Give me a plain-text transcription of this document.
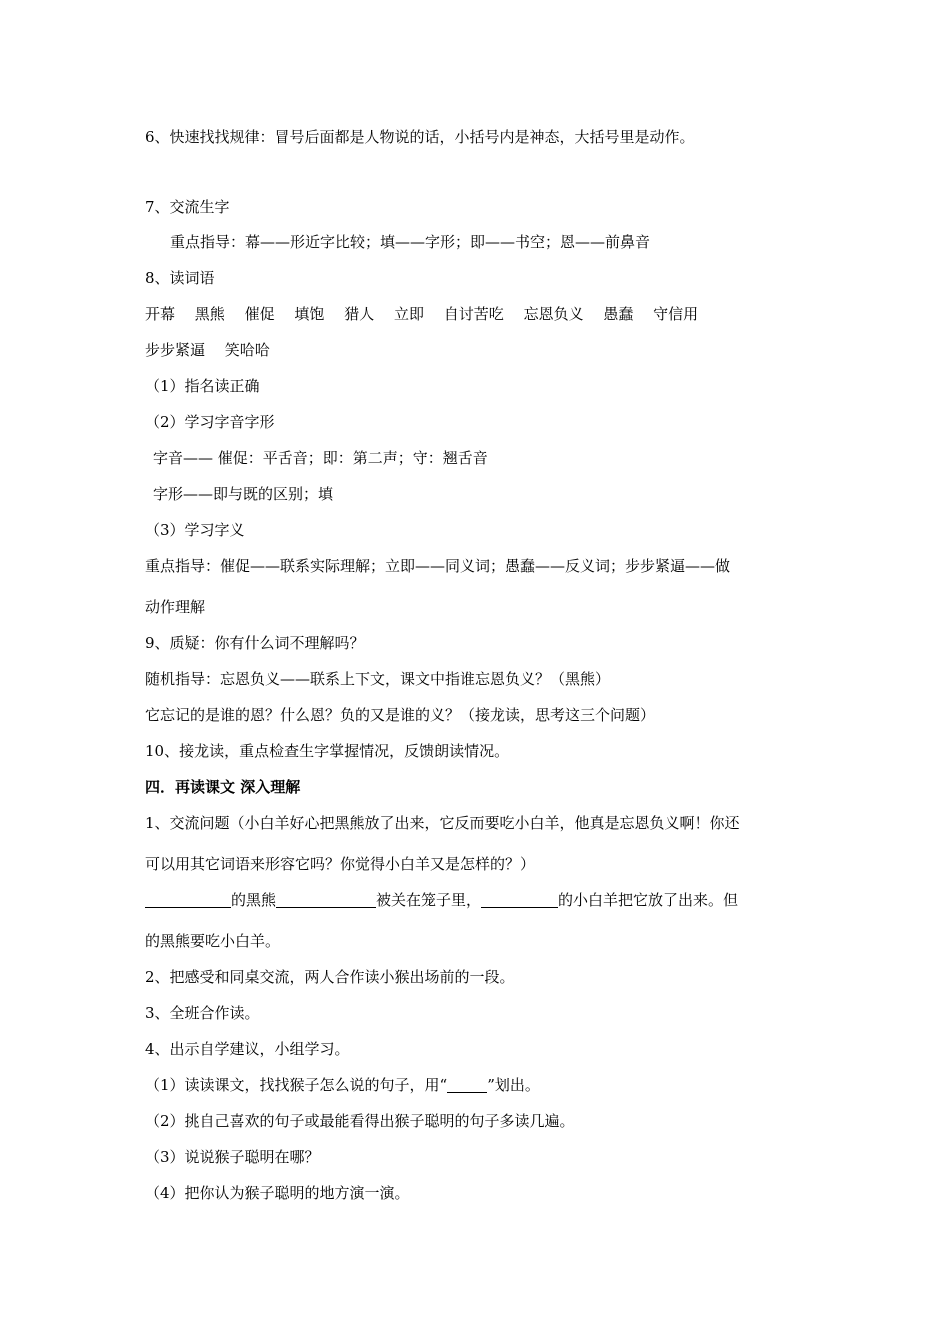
6、快速找找规律：冒号后面都是人物说的话，小括号内是神态，大括号里是动作。
7、交流生字
重点指导：幕——形近字比较；填——字形；即——书空；恩——前鼻音
8、读词语
开幕 黑熊 催促 填饱 猎人 立即 自讨苦吃 忘恩负义 愚蠢 守信用
步步紧逼 笑哈哈
（1）指名读正确
（2）学习字音字形
字音—— 催促：平舌音；即：第二声；守：翘舌音
字形——即与既的区别；填
（3）学习字义
重点指导：催促——联系实际理解；立即——同义词；愚蠢——反义词；步步紧逼——做
动作理解
9、质疑：你有什么词不理解吗？
随机指导：忘恩负义——联系上下文，课文中指谁忘恩负义？（黑熊）
它忘记的是谁的恩？什么恩？负的又是谁的义？（接龙读，思考这三个问题）
10、接龙读，重点检查生字掌握情况，反馈朗读情况。
四．再读课文 深入理解
1、交流问题（小白羊好心把黑熊放了出来，它反而要吃小白羊，他真是忘恩负义啊！你还
可以用其它词语来形容它吗？你觉得小白羊又是怎样的？）
的黑熊	被关在笼子里，	的小白羊把它放了出来。但
的黑熊要吃小白羊。
2、把感受和同桌交流，两人合作读小猴出场前的一段。
3、全班合作读。
4、出示自学建议，小组学习。
（1）读读课文，找找猴子怎么说的句子，用“	”划出。
（2）挑自己喜欢的句子或最能看得出猴子聪明的句子多读几遍。
（3）说说猴子聪明在哪？
（4）把你认为猴子聪明的地方演一演。
